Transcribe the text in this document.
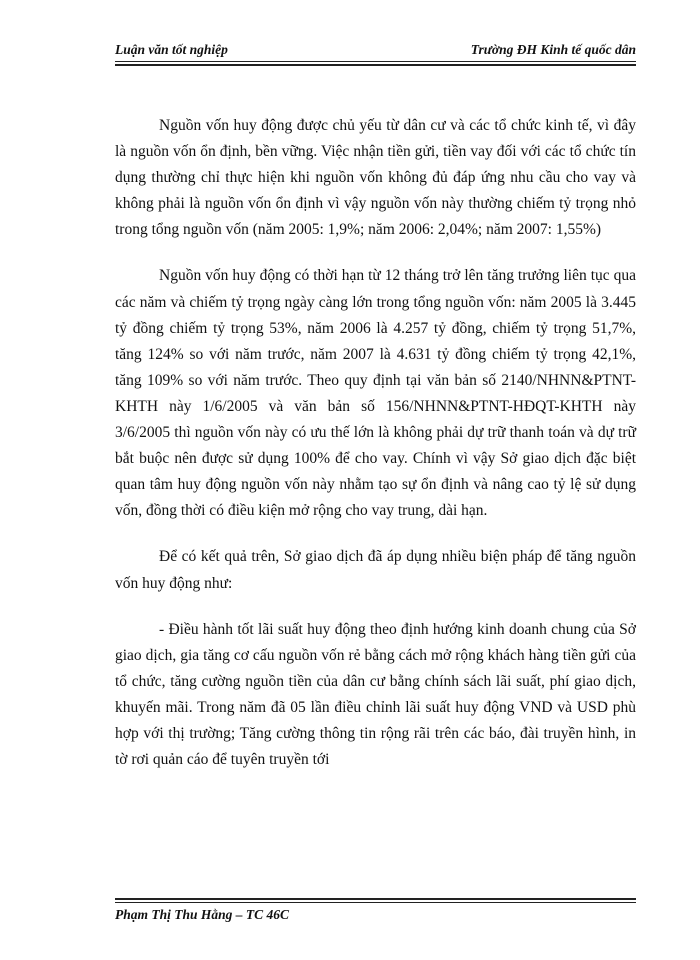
Luận văn tốt nghiệp	Trường ĐH Kinh tế quốc dân

Nguồn vốn huy động được chủ yếu từ dân cư và các tổ chức kinh tế, vì đây là nguồn vốn ổn định, bền vững. Việc nhận tiền gửi, tiền vay đối với các tổ chức tín dụng thường chỉ thực hiện khi nguồn vốn không đủ đáp ứng nhu cầu cho vay và không phải là nguồn vốn ổn định vì vậy nguồn vốn này thường chiếm tỷ trọng nhỏ trong tổng nguồn vốn (năm 2005: 1,9%; năm 2006: 2,04%; năm 2007: 1,55%)

Nguồn vốn huy động có thời hạn từ 12 tháng trở lên tăng trưởng liên tục qua các năm và chiếm tỷ trọng ngày càng lớn trong tổng nguồn vốn: năm 2005 là 3.445 tỷ đồng chiếm tỷ trọng 53%, năm 2006 là 4.257 tỷ đồng, chiếm tỷ trọng 51,7%, tăng 124% so với năm trước, năm 2007 là 4.631 tỷ đồng chiếm tỷ trọng 42,1%, tăng 109% so với năm trước. Theo quy định tại văn bản số 2140/NHNN&PTNT-KHTH này 1/6/2005 và văn bản số 156/NHNN&PTNT-HĐQT-KHTH này 3/6/2005 thì nguồn vốn này có ưu thế lớn là không phải dự trữ thanh toán và dự trữ bắt buộc nên được sử dụng 100% để cho vay. Chính vì vậy Sở giao dịch đặc biệt quan tâm huy động nguồn vốn này nhằm tạo sự ổn định và nâng cao tỷ lệ sử dụng vốn, đồng thời có điều kiện mở rộng cho vay trung, dài hạn.

Để có kết quả trên, Sở giao dịch đã áp dụng nhiều biện pháp để tăng nguồn vốn huy động như:

- Điều hành tốt lãi suất huy động theo định hướng kinh doanh chung của Sở giao dịch, gia tăng cơ cấu nguồn vốn rẻ bằng cách mở rộng khách hàng tiền gửi của tổ chức, tăng cường nguồn tiền của dân cư bằng chính sách lãi suất, phí giao dịch, khuyến mãi. Trong năm đã 05 lần điều chỉnh lãi suất huy động VND và USD phù hợp với thị trường; Tăng cường thông tin rộng rãi trên các báo, đài truyền hình, in tờ rơi quản cáo để tuyên truyền tới

Phạm Thị Thu Hằng – TC 46C
